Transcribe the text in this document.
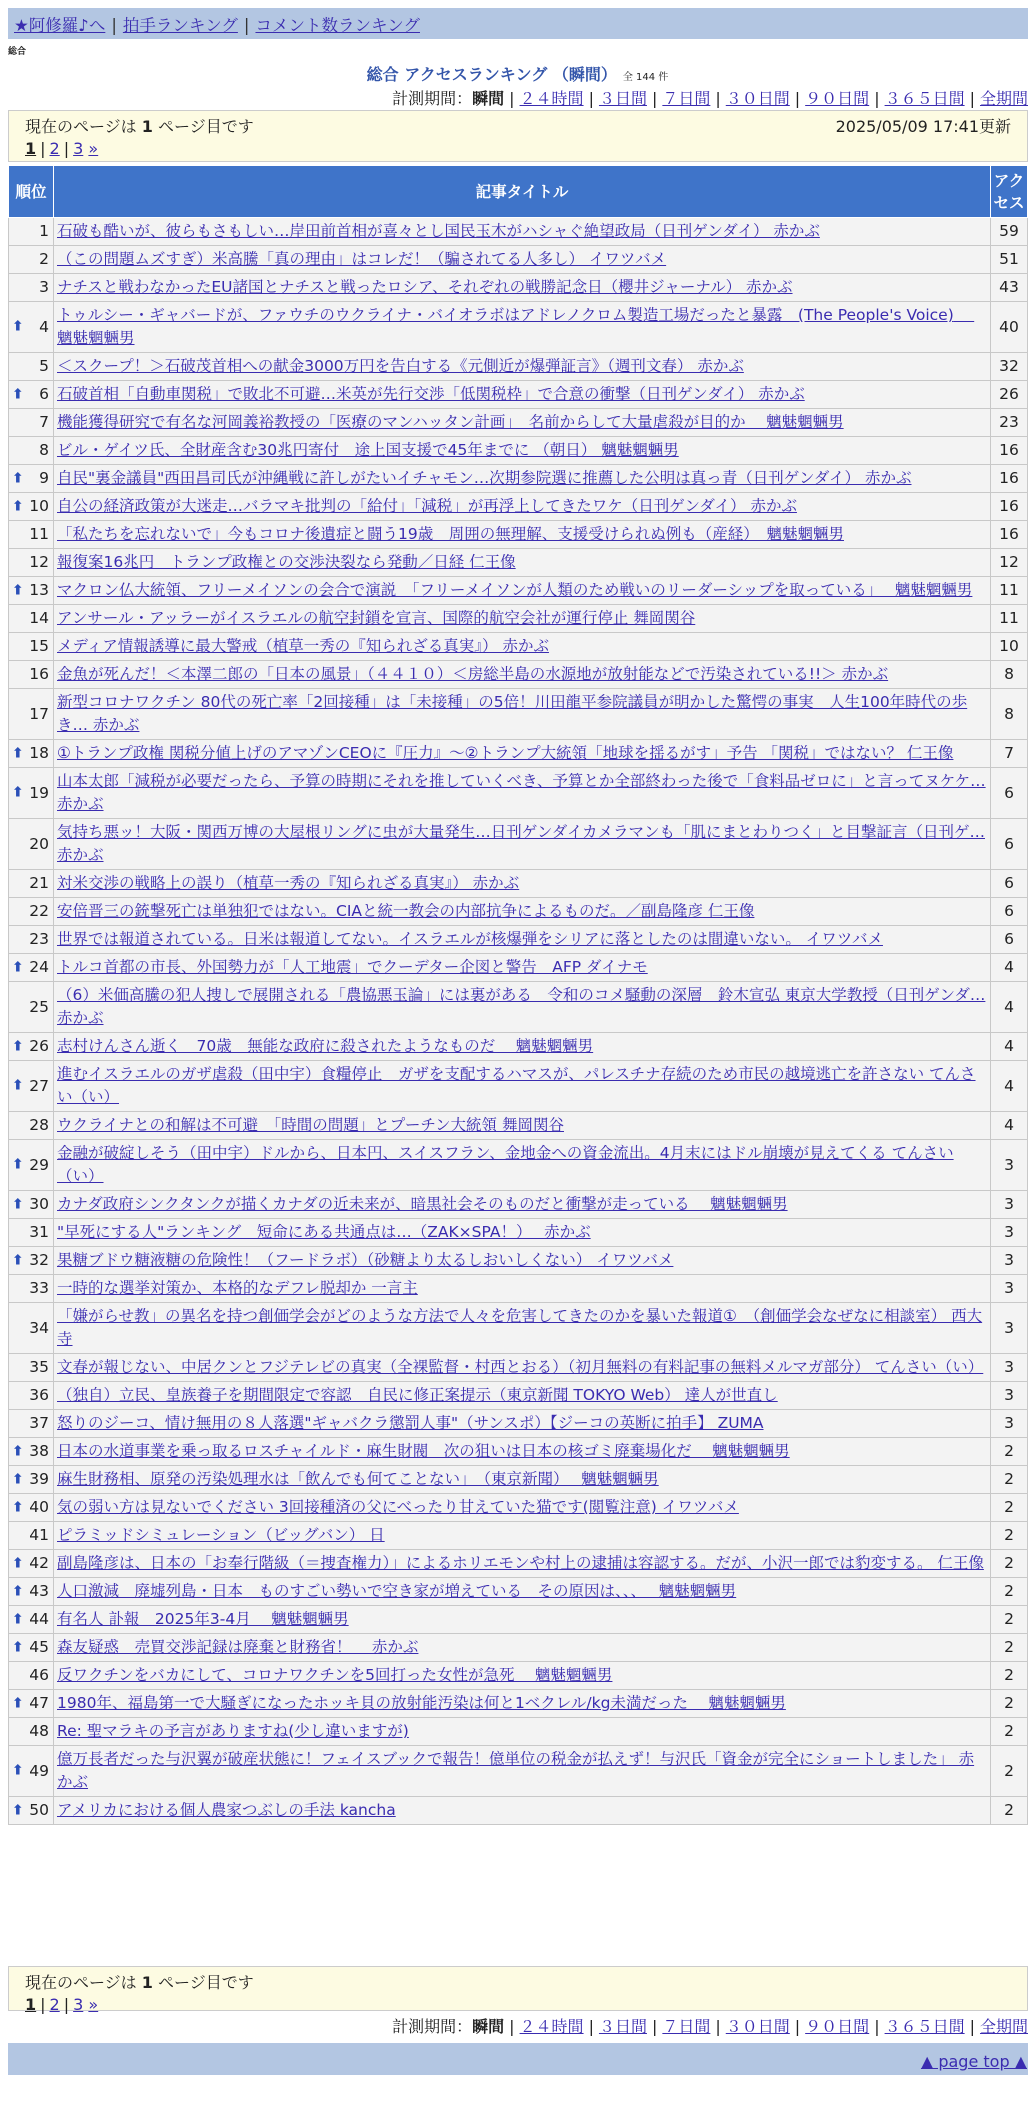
★阿修羅♪へ | 拍手ランキング | コメント数ランキング
総合
総合 アクセスランキング （瞬間） 全 144 件
計測期間：瞬間 | ２４時間 | ３日間 | ７日間 | ３０日間 | ９０日間 | ３６５日間 | 全期間
現在のページは 1 ページ目です	2025/05/09 17:41更新
1 | 2 | 3 »
順位	記事タイトル	アクセス
1	石破も酷いが、彼らもさもしい…岸田前首相が喜々とし国民玉木がハシャぐ絶望政局（日刊ゲンダイ） 赤かぶ	59
2	（この問題ムズすぎ）米高騰「真の理由」はコレだ！（騙されてる人多し） イワツバメ	51
3	ナチスと戦わなかったEU諸国とナチスと戦ったロシア、それぞれの戦勝記念日（櫻井ジャーナル） 赤かぶ	43

⬆ 4	トゥルシー・ギャバードが、ファウチのウクライナ・バイオラボはアドレノクロム製造工場だったと暴露　(The People's Voice)　 魑魅魍魎男	40
5	＜スクープ！＞石破茂首相への献金3000万円を告白する《元側近が爆弾証言》（週刊文春） 赤かぶ	32

⬆ 6	石破首相「自動車関税」で敗北不可避…米英が先行交渉「低関税枠」で合意の衝撃（日刊ゲンダイ） 赤かぶ	26
7	機能獲得研究で有名な河岡義裕教授の「医療のマンハッタン計画」　名前からして大量虐殺が目的か　 魑魅魍魎男	23
8	ビル・ゲイツ氏、全財産含む30兆円寄付　途上国支援で45年までに （朝日） 魑魅魍魎男	16

⬆ 9	自民"裏金議員"西田昌司氏が沖縄戦に許しがたいイチャモン…次期参院選に推薦した公明は真っ青（日刊ゲンダイ） 赤かぶ	16

⬆ 10	自公の経済政策が大迷走…バラマキ批判の「給付」「減税」が再浮上してきたワケ（日刊ゲンダイ） 赤かぶ	16
11	「私たちを忘れないで」今もコロナ後遺症と闘う19歳　周囲の無理解、支援受けられぬ例も（産経）　魑魅魍魎男	16
12	報復案16兆円　トランプ政権との交渉決裂なら発動／日経 仁王像	12

⬆ 13	マクロン仏大統領、フリーメイソンの会合で演説　「フリーメイソンが人類のため戦いのリーダーシップを取っている」　 魑魅魍魎男	11
14	アンサール・アッラーがイスラエルの航空封鎖を宣言、国際的航空会社が運行停止 舞岡関谷	11
15	メディア情報誘導に最大警戒（植草一秀の『知られざる真実』） 赤かぶ	10
16	金魚が死んだ！＜本澤二郎の「日本の風景」（４４１０）＜房総半島の水源地が放射能などで汚染されている!!＞ 赤かぶ	8
17	新型コロナワクチン 80代の死亡率「2回接種」は「未接種」の5倍！川田龍平参院議員が明かした驚愕の事実　人生100年時代の歩き… 赤かぶ	8

⬆ 18	①トランプ政権 関税分値上げのアマゾンCEOに『圧力』～②トランプ大統領「地球を揺るがす」予告 「関税」ではない？ 仁王像	7

⬆ 19	山本太郎「減税が必要だったら、予算の時期にそれを推していくべき、予算とか全部終わった後で「食料品ゼロに」と言ってヌケケ… 赤かぶ	6
20	気持ち悪ッ！大阪・関西万博の大屋根リングに虫が大量発生…日刊ゲンダイカメラマンも「肌にまとわりつく」と目撃証言（日刊ゲ… 赤かぶ	6
21	対米交渉の戦略上の誤り（植草一秀の『知られざる真実』） 赤かぶ	6
22	安倍晋三の銃撃死亡は単独犯ではない。CIAと統一教会の内部抗争によるものだ。／副島隆彦 仁王像	6
23	世界では報道されている。日米は報道してない。イスラエルが核爆弾をシリアに落としたのは間違いない。 イワツバメ	6

⬆ 24	トルコ首都の市長、外国勢力が「人工地震」でクーデター企図と警告　AFP ダイナモ	4
25	（6）米価高騰の犯人捜しで展開される「農協悪玉論」には裏がある　令和のコメ騒動の深層　鈴木宣弘 東京大学教授（日刊ゲンダ… 赤かぶ	4

⬆ 26	志村けんさん逝く　70歳　無能な政府に殺されたようなものだ　 魑魅魍魎男	4

⬆ 27	進むイスラエルのガザ虐殺（田中宇）食糧停止　ガザを支配するハマスが、パレスチナ存続のため市民の越境逃亡を許さない てんさい（い）	4
28	ウクライナとの和解は不可避　「時間の問題」とプーチン大統領 舞岡関谷	4

⬆ 29	金融が破綻しそう（田中宇）ドルから、日本円、スイスフラン、金地金への資金流出。4月末にはドル崩壊が見えてくる てんさい（い）	3

⬆ 30	カナダ政府シンクタンクが描くカナダの近未来が、暗黒社会そのものだと衝撃が走っている　 魑魅魍魎男	3
31	"早死にする人"ランキング　短命にある共通点は…（ZAK×SPA！）　 赤かぶ	3

⬆ 32	果糖ブドウ糖液糖の危険性！（フードラボ）（砂糖より太るしおいしくない） イワツバメ	3
33	一時的な選挙対策か、本格的なデフレ脱却か 一言主	3
34	「嫌がらせ教」の異名を持つ創価学会がどのような方法で人々を危害してきたのかを暴いた報道①　（創価学会なぜなに相談室） 西大寺	3
35	文春が報じない、中居クンとフジテレビの真実（全裸監督・村西とおる）（初月無料の有料記事の無料メルマガ部分） てんさい（い）	3
36	（独自）立民、皇族養子を期間限定で容認　自民に修正案提示（東京新聞 TOKYO Web） 達人が世直し	3
37	怒りのジーコ、情け無用の８人落選"ギャバクラ懲罰人事"（サンスポ）【ジーコの英断に拍手】 ZUMA	3

⬆ 38	日本の水道事業を乗っ取るロスチャイルド・麻生財閥　次の狙いは日本の核ゴミ廃棄場化だ　 魑魅魍魎男	2

⬆ 39	麻生財務相、原発の汚染処理水は「飲んでも何てことない」　（東京新聞）　 魑魅魍魎男	2

⬆ 40	気の弱い方は見ないでください 3回接種済の父にべったり甘えていた猫です(閲覧注意) イワツバメ	2
41	ピラミッドシミュレーション（ビッグバン） 日	2

⬆ 42	副島隆彦は、日本の「お奉行階級（＝捜査権力）」によるホリエモンや村上の逮捕は容認する。だが、小沢一郎では豹変する。 仁王像	2

⬆ 43	人口激減　廃墟列島・日本　ものすごい勢いで空き家が増えている　その原因は、、、　 魑魅魍魎男	2

⬆ 44	有名人 訃報　2025年3-4月　 魑魅魍魎男	2

⬆ 45	森友疑惑　売買交渉記録は廃棄と財務省！　 赤かぶ	2
46	反ワクチンをバカにして、コロナワクチンを5回打った女性が急死　 魑魅魍魎男	2

⬆ 47	1980年、福島第一で大騒ぎになったホッキ貝の放射能汚染は何と1ベクレル/kg未満だった　 魑魅魍魎男	2
48	Re: 聖マラキの予言がありますね(少し違いますが)	2

⬆ 49	億万長者だった与沢翼が破産状態に！フェイスブックで報告！億単位の税金が払えず！与沢氏「資金が完全にショートしました」 赤かぶ	2

⬆ 50	アメリカにおける個人農家つぶしの手法 kancha	2
現在のページは 1 ページ目です
1 | 2 | 3 »
計測期間：瞬間 | ２４時間 | ３日間 | ７日間 | ３０日間 | ９０日間 | ３６５日間 | 全期間
▲ page top ▲
